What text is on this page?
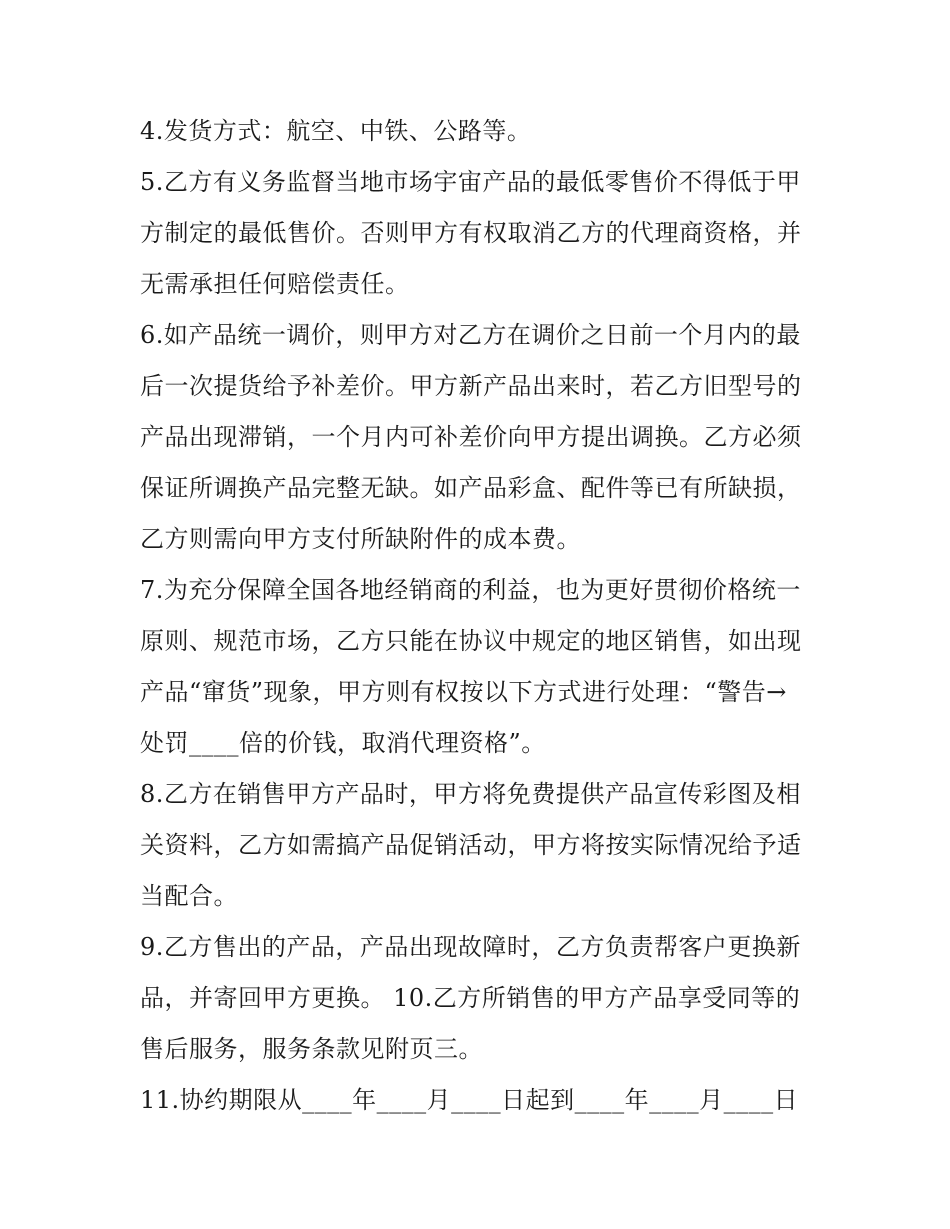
4.发货方式：航空、中铁、公路等。
5.乙方有义务监督当地市场宇宙产品的最低零售价不得低于甲
方制定的最低售价。否则甲方有权取消乙方的代理商资格，并
无需承担任何赔偿责任。
6.如产品统一调价，则甲方对乙方在调价之日前一个月内的最
后一次提货给予补差价。甲方新产品出来时，若乙方旧型号的
产品出现滞销，一个月内可补差价向甲方提出调换。乙方必须
保证所调换产品完整无缺。如产品彩盒、配件等已有所缺损，
乙方则需向甲方支付所缺附件的成本费。
7.为充分保障全国各地经销商的利益，也为更好贯彻价格统一
原则、规范市场，乙方只能在协议中规定的地区销售，如出现
产品“窜货”现象，甲方则有权按以下方式进行处理：“警告→
处罚____倍的价钱，取消代理资格”。
8.乙方在销售甲方产品时，甲方将免费提供产品宣传彩图及相
关资料，乙方如需搞产品促销活动，甲方将按实际情况给予适
当配合。
9.乙方售出的产品，产品出现故障时，乙方负责帮客户更换新
品，并寄回甲方更换。 10.乙方所销售的甲方产品享受同等的
售后服务，服务条款见附页三。
11.协约期限从____年____月____日起到____年____月____日
